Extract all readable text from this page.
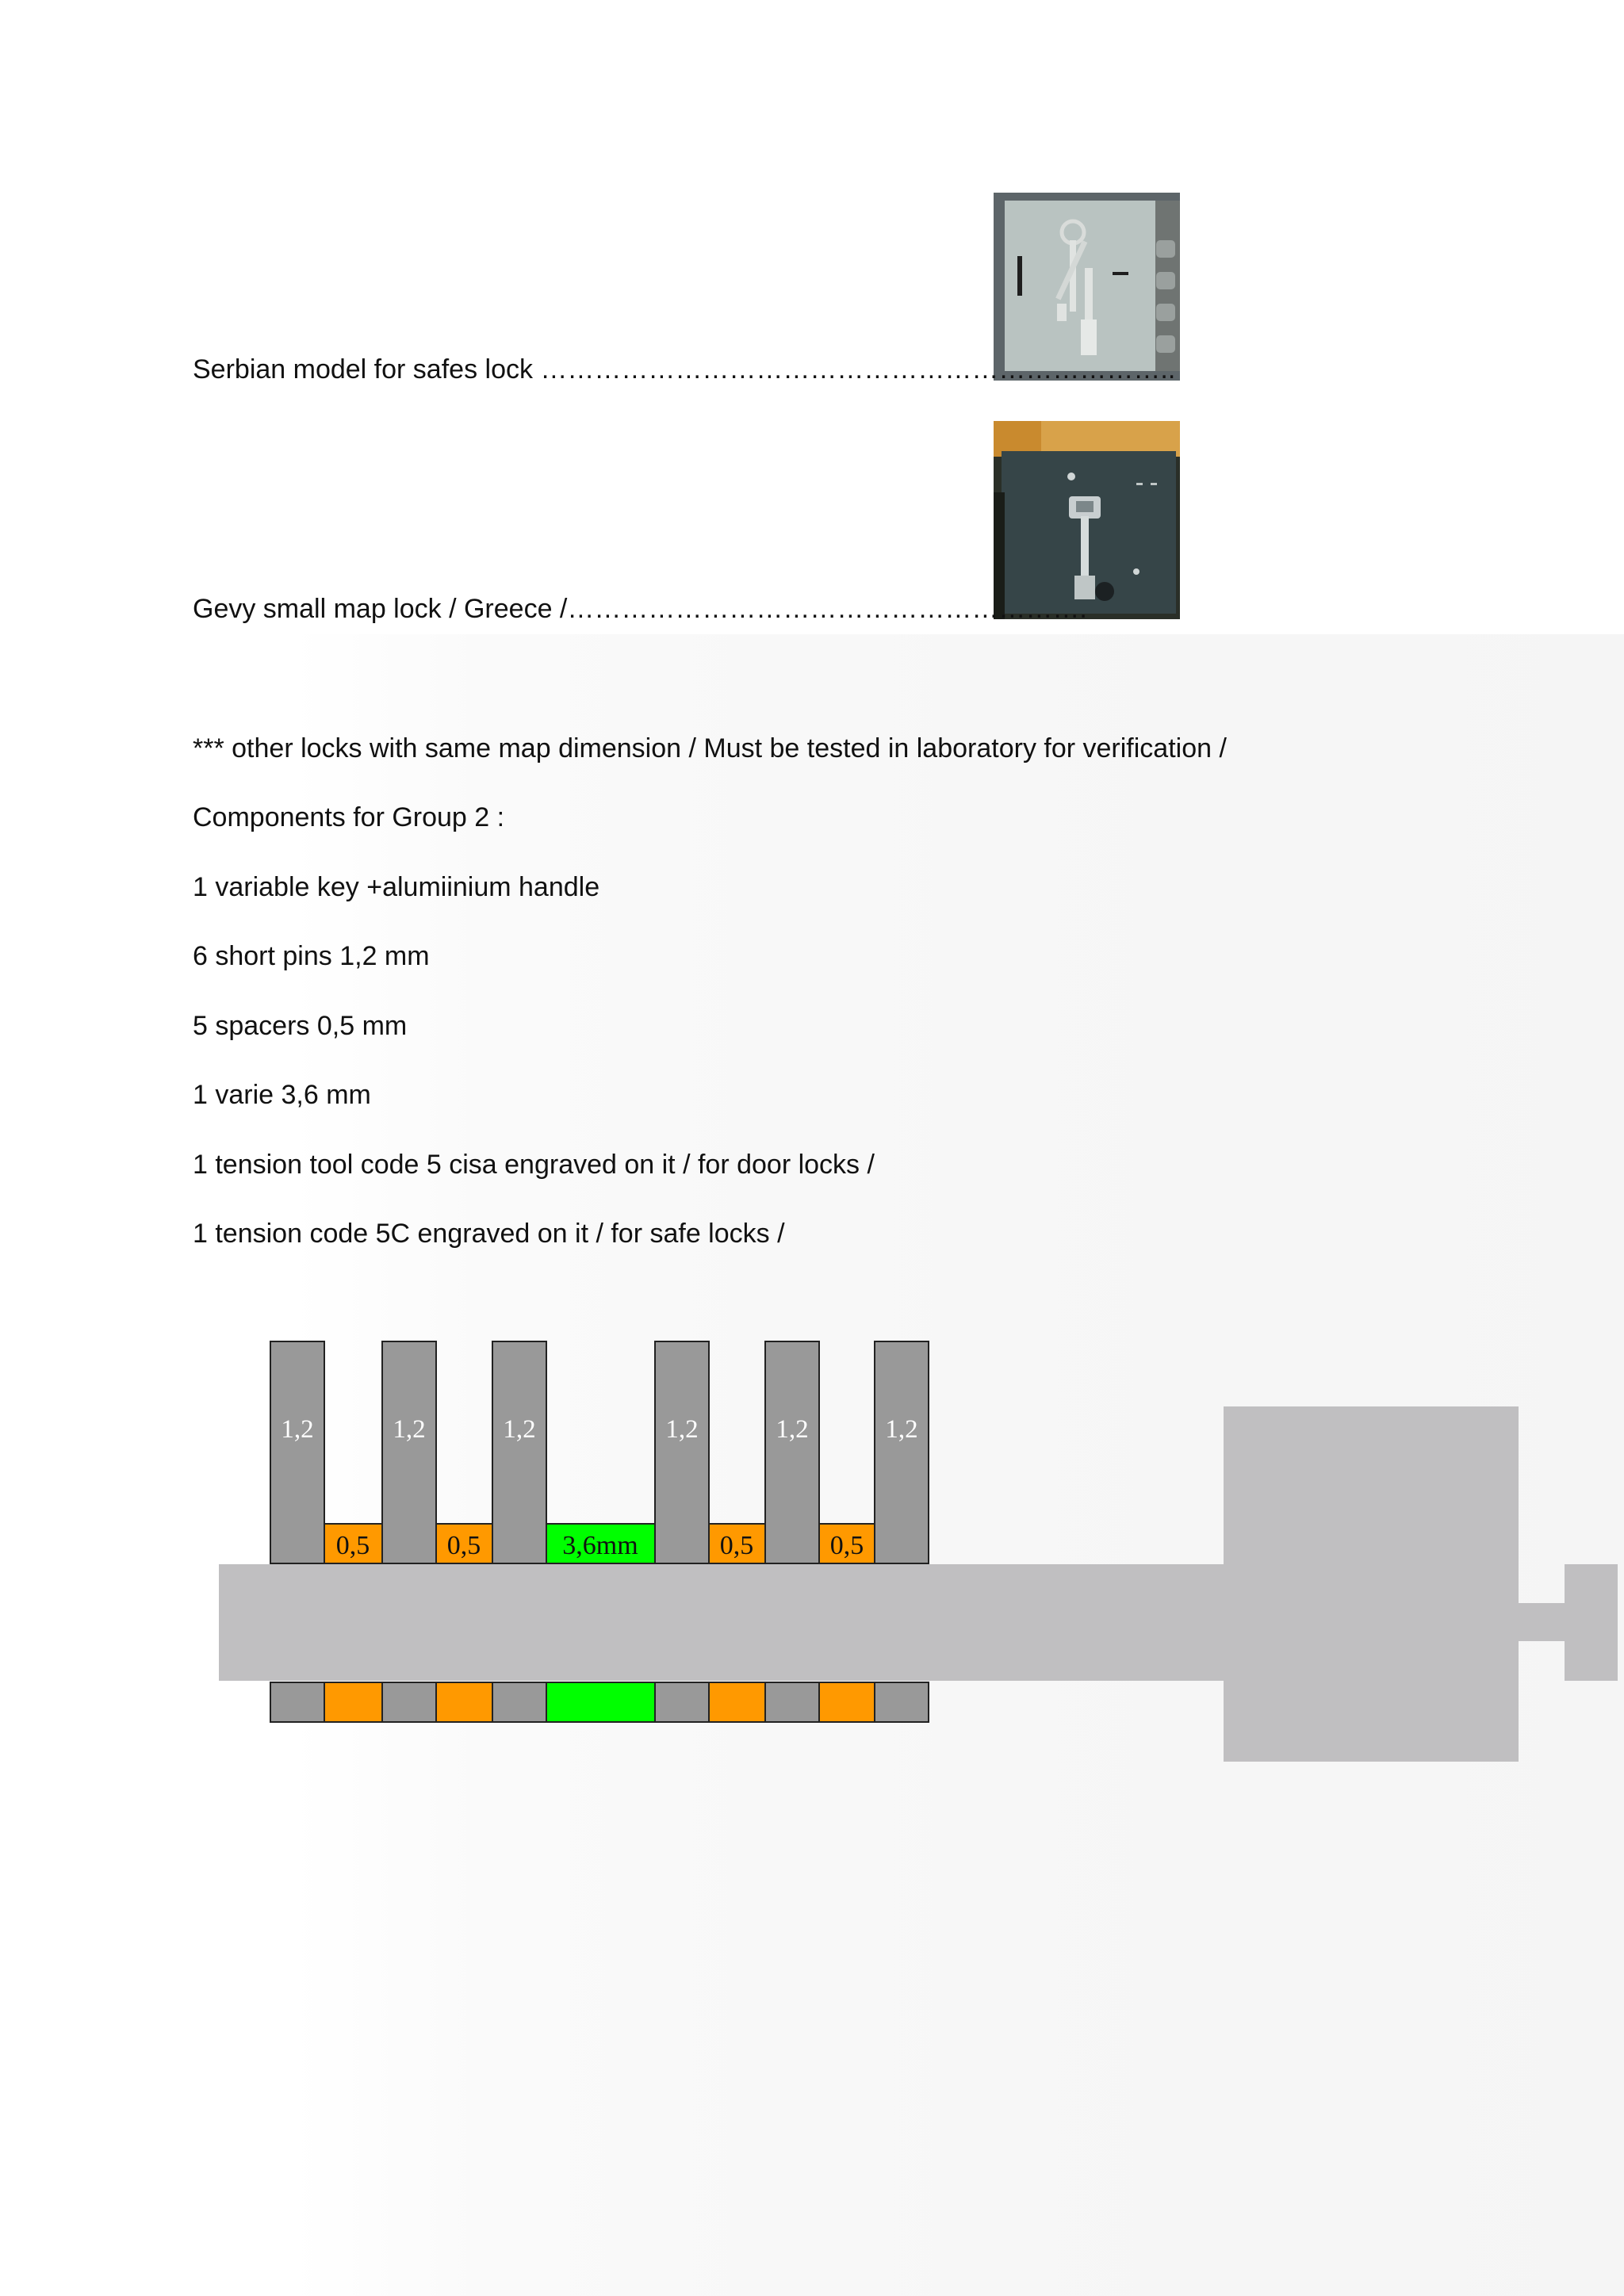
Serbian model for safes lock ……………………………………………………………..
Gevy small map lock / Greece /………………………………………………….
*** other locks with same map dimension / Must be tested in laboratory for verification /
Components for Group 2 :
1 variable key +alumiinium handle
6 short pins 1,2 mm
5 spacers 0,5 mm
1 varie 3,6 mm
1 tension tool code 5 cisa engraved on it / for door locks /
1 tension code 5C engraved on it / for safe locks /
1,2	1,2	1,2	1,2	1,2	1,2
0,5	0,5	3,6mm	0,5	0,5
